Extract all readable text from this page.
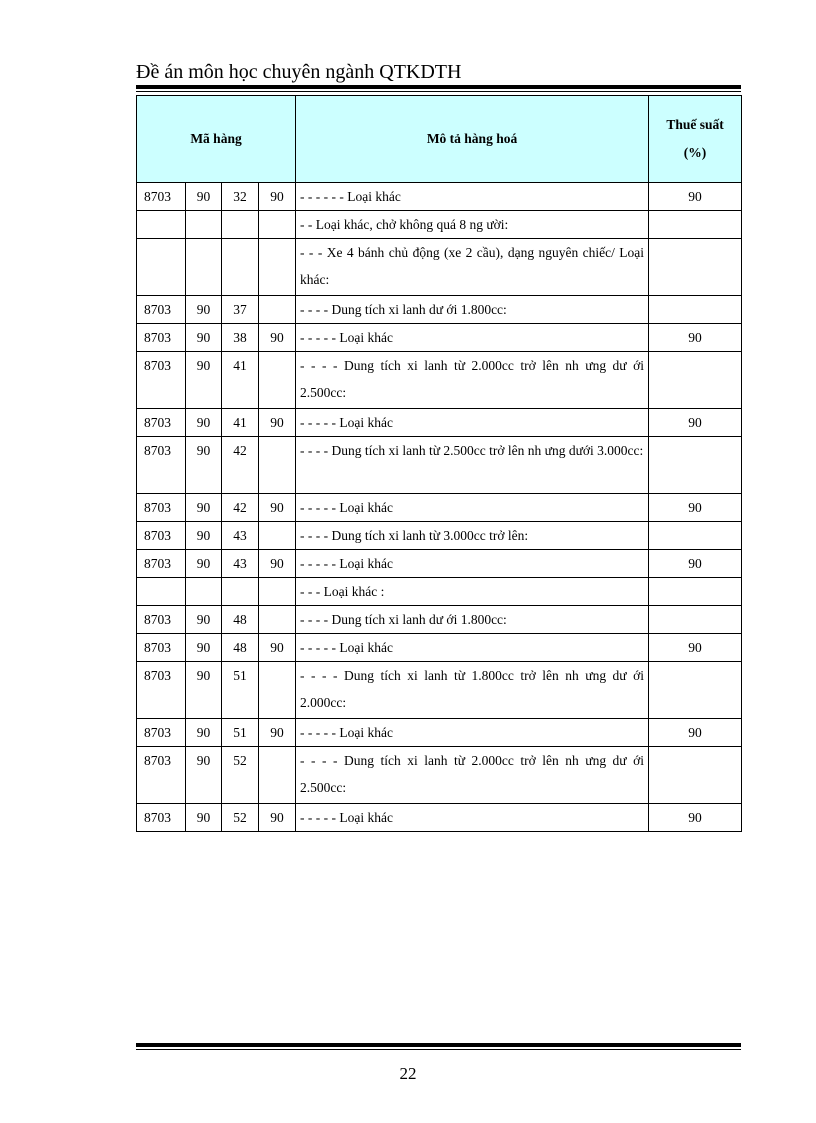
Đề án môn học chuyên ngành QTKDTH
Mã hàng				Mô tả hàng hoá	Thuế suất
(%)
8703	90	32	90	- - - - - - Loại khác	90
				- - Loại khác, chở không quá 8 ng ười:	
				- - - Xe 4 bánh chủ động (xe 2 cầu), dạng nguyên chiếc/ Loại khác:	
8703	90	37		- - - - Dung tích xi lanh dư ới 1.800cc:	
8703	90	38	90	- - - - - Loại khác	90
8703	90	41		- - - - Dung tích xi lanh từ 2.000cc trở lên nh ưng dư ới 2.500cc:	
8703	90	41	90	- - - - - Loại khác	90
8703	90	42		- - - - Dung tích xi lanh từ 2.500cc trở lên nh ưng dưới 3.000cc:	
8703	90	42	90	- - - - - Loại khác	90
8703	90	43		- - - - Dung tích xi lanh từ 3.000cc trở lên:	
8703	90	43	90	- - - - - Loại khác	90
				- - - Loại khác :	
8703	90	48		- - - - Dung tích xi lanh dư ới 1.800cc:	
8703	90	48	90	- - - - - Loại khác	90
8703	90	51		- - - - Dung tích xi lanh từ 1.800cc trở lên nh ưng dư ới 2.000cc:	
8703	90	51	90	- - - - - Loại khác	90
8703	90	52		- - - - Dung tích xi lanh từ 2.000cc trở lên nh ưng dư ới 2.500cc:	
8703	90	52	90	- - - - - Loại khác	90
22
